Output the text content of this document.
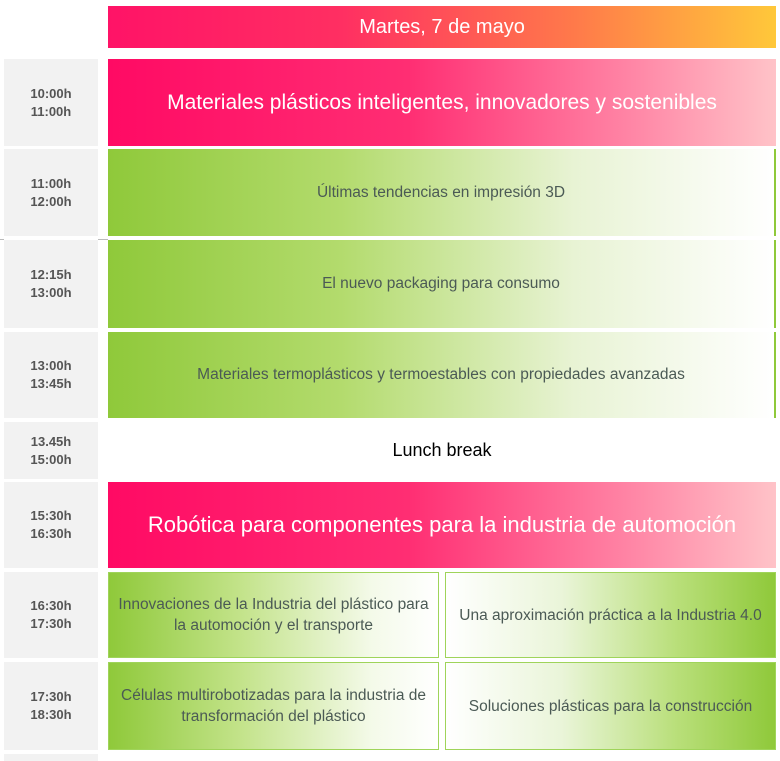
Martes, 7 de mayo
10:00h
11:00h
11:00h
12:00h
12:15h
13:00h
13:00h
13:45h
13.45h
15:00h
15:30h
16:30h
16:30h
17:30h
17:30h
18:30h
Materiales plásticos inteligentes, innovadores y sostenibles
Últimas tendencias en impresión 3D
El nuevo packaging para consumo
Materiales termoplásticos y termoestables con propiedades avanzadas
Lunch break
Robótica para componentes para la industria de automoción
Innovaciones de la Industria del plástico para la automoción y el transporte
Una aproximación práctica a la Industria 4.0
Células multirobotizadas para la industria de transformación del plástico
Soluciones plásticas para la construcción
